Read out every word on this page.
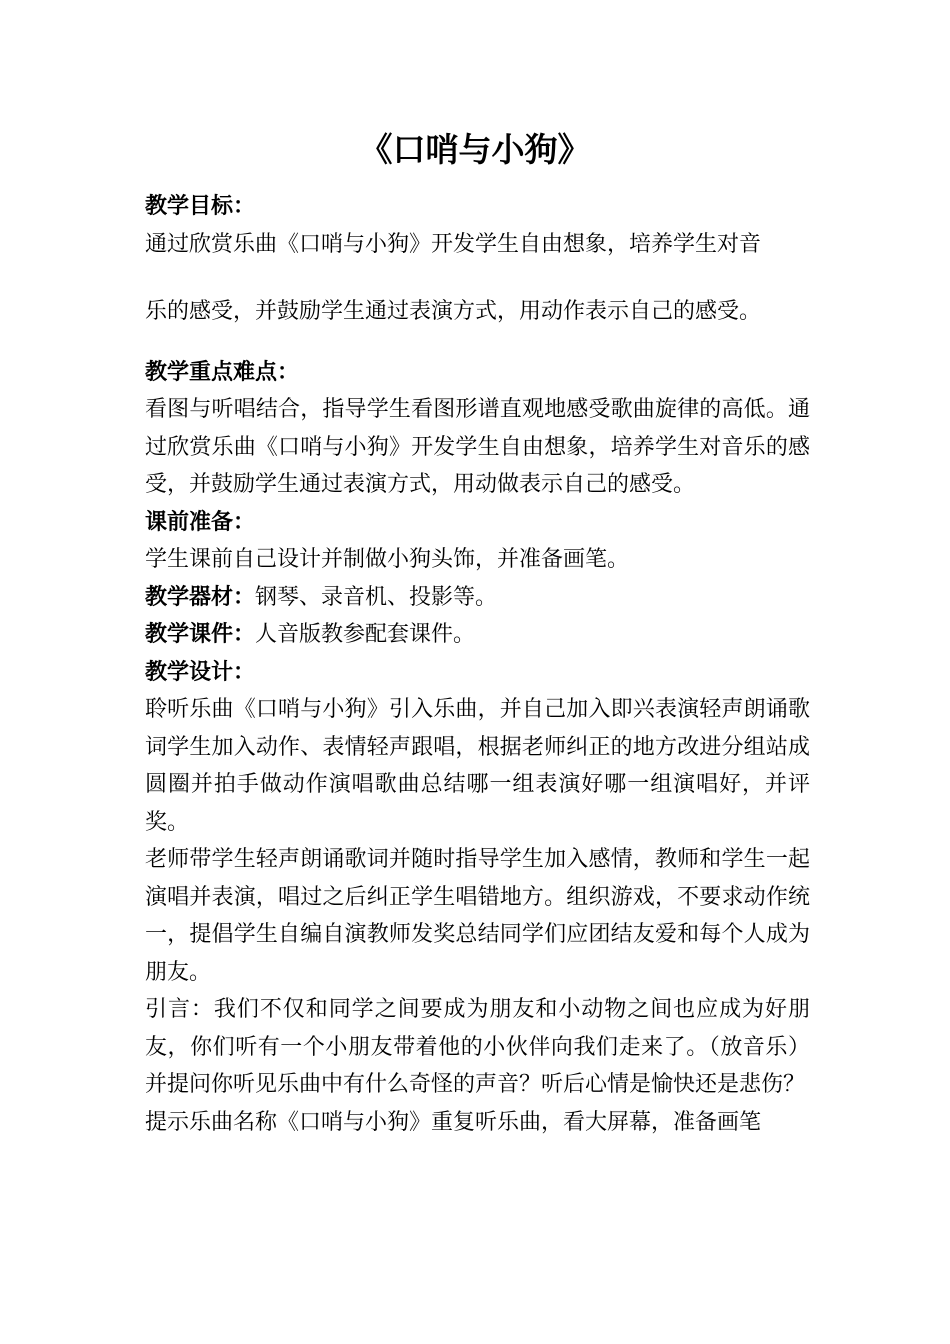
《口哨与小狗》

教学目标：

通过欣赏乐曲《口哨与小狗》开发学生自由想象，培养学生对音

乐的感受，并鼓励学生通过表演方式，用动作表示自己的感受。

教学重点难点：

看图与听唱结合，指导学生看图形谱直观地感受歌曲旋律的高低。通过欣赏乐曲《口哨与小狗》开发学生自由想象，培养学生对音乐的感受，并鼓励学生通过表演方式，用动做表示自己的感受。

课前准备：

学生课前自己设计并制做小狗头饰，并准备画笔。

教学器材：钢琴、录音机、投影等。

教学课件：人音版教参配套课件。

教学设计：

聆听乐曲《口哨与小狗》引入乐曲，并自己加入即兴表演轻声朗诵歌词学生加入动作、表情轻声跟唱，根据老师纠正的地方改进分组站成圆圈并拍手做动作演唱歌曲总结哪一组表演好哪一组演唱好，并评奖。

老师带学生轻声朗诵歌词并随时指导学生加入感情，教师和学生一起演唱并表演，唱过之后纠正学生唱错地方。组织游戏，不要求动作统一，提倡学生自编自演教师发奖总结同学们应团结友爱和每个人成为朋友。

引言：我们不仅和同学之间要成为朋友和小动物之间也应成为好朋友，你们听有一个小朋友带着他的小伙伴向我们走来了。（放音乐）并提问你听见乐曲中有什么奇怪的声音？听后心情是愉快还是悲伤？

提示乐曲名称《口哨与小狗》重复听乐曲，看大屏幕，准备画笔
